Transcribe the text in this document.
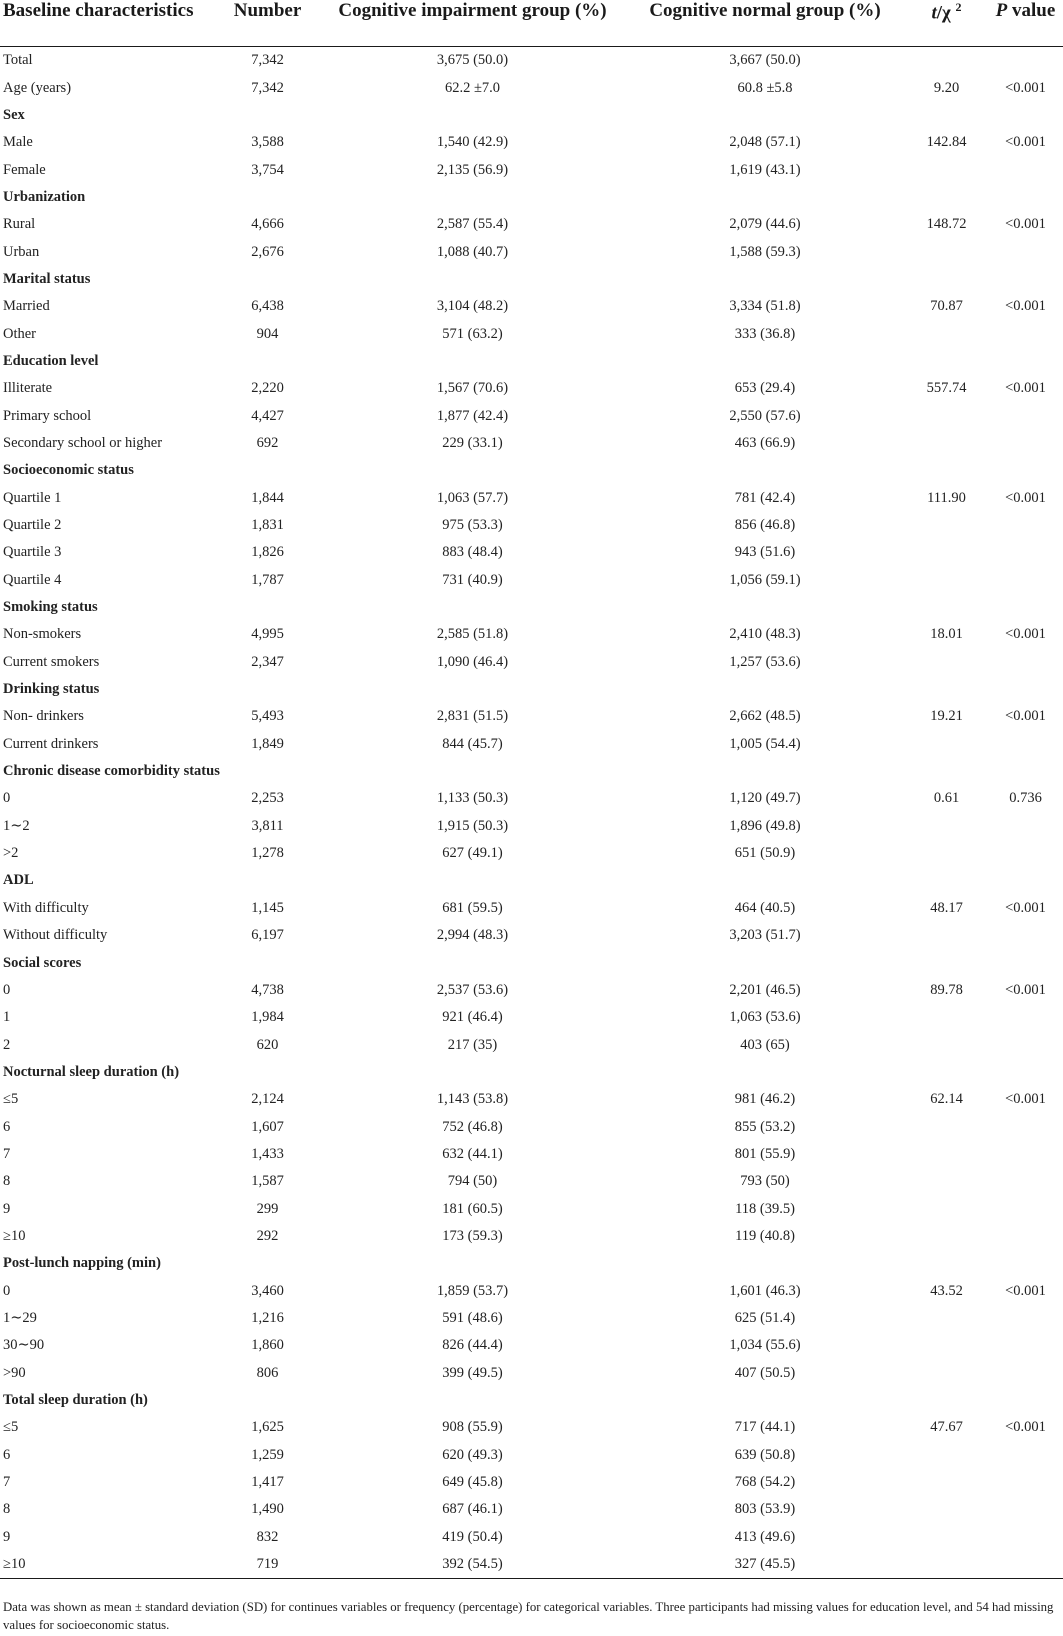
Baseline characteristics	Number	Cognitive impairment group (%)	Cognitive normal group (%)	t/χ $^2$	P value
Total	7,342	3,675 (50.0)	3,667 (50.0)		
Age (years)	7,342	62.2 ±7.0	60.8 ±5.8	9.20	<0.001
Sex					
Male	3,588	1,540 (42.9)	2,048 (57.1)	142.84	<0.001
Female	3,754	2,135 (56.9)	1,619 (43.1)		
Urbanization					
Rural	4,666	2,587 (55.4)	2,079 (44.6)	148.72	<0.001
Urban	2,676	1,088 (40.7)	1,588 (59.3)		
Marital status					
Married	6,438	3,104 (48.2)	3,334 (51.8)	70.87	<0.001
Other	904	571 (63.2)	333 (36.8)		
Education level					
Illiterate	2,220	1,567 (70.6)	653 (29.4)	557.74	<0.001
Primary school	4,427	1,877 (42.4)	2,550 (57.6)		
Secondary school or higher	692	229 (33.1)	463 (66.9)		
Socioeconomic status					
Quartile 1	1,844	1,063 (57.7)	781 (42.4)	111.90	<0.001
Quartile 2	1,831	975 (53.3)	856 (46.8)		
Quartile 3	1,826	883 (48.4)	943 (51.6)		
Quartile 4	1,787	731 (40.9)	1,056 (59.1)		
Smoking status					
Non-smokers	4,995	2,585 (51.8)	2,410 (48.3)	18.01	<0.001
Current smokers	2,347	1,090 (46.4)	1,257 (53.6)		
Drinking status					
Non- drinkers	5,493	2,831 (51.5)	2,662 (48.5)	19.21	<0.001
Current drinkers	1,849	844 (45.7)	1,005 (54.4)		
Chronic disease comorbidity status					
0	2,253	1,133 (50.3)	1,120 (49.7)	0.61	0.736
1∼2	3,811	1,915 (50.3)	1,896 (49.8)		
>2	1,278	627 (49.1)	651 (50.9)		
ADL					
With difficulty	1,145	681 (59.5)	464 (40.5)	48.17	<0.001
Without difficulty	6,197	2,994 (48.3)	3,203 (51.7)		
Social scores					
0	4,738	2,537 (53.6)	2,201 (46.5)	89.78	<0.001
1	1,984	921 (46.4)	1,063 (53.6)		
2	620	217 (35)	403 (65)		
Nocturnal sleep duration (h)					
≤5	2,124	1,143 (53.8)	981 (46.2)	62.14	<0.001
6	1,607	752 (46.8)	855 (53.2)		
7	1,433	632 (44.1)	801 (55.9)		
8	1,587	794 (50)	793 (50)		
9	299	181 (60.5)	118 (39.5)		
≥10	292	173 (59.3)	119 (40.8)		
Post-lunch napping (min)					
0	3,460	1,859 (53.7)	1,601 (46.3)	43.52	<0.001
1∼29	1,216	591 (48.6)	625 (51.4)		
30∼90	1,860	826 (44.4)	1,034 (55.6)		
>90	806	399 (49.5)	407 (50.5)		
Total sleep duration (h)					
≤5	1,625	908 (55.9)	717 (44.1)	47.67	<0.001
6	1,259	620 (49.3)	639 (50.8)		
7	1,417	649 (45.8)	768 (54.2)		
8	1,490	687 (46.1)	803 (53.9)		
9	832	419 (50.4)	413 (49.6)		
≥10	719	392 (54.5)	327 (45.5)		
Data was shown as mean ± standard deviation (SD) for continues variables or frequency (percentage) for categorical variables. Three participants had missing values for education level, and 54 had missing values for socioeconomic status.
